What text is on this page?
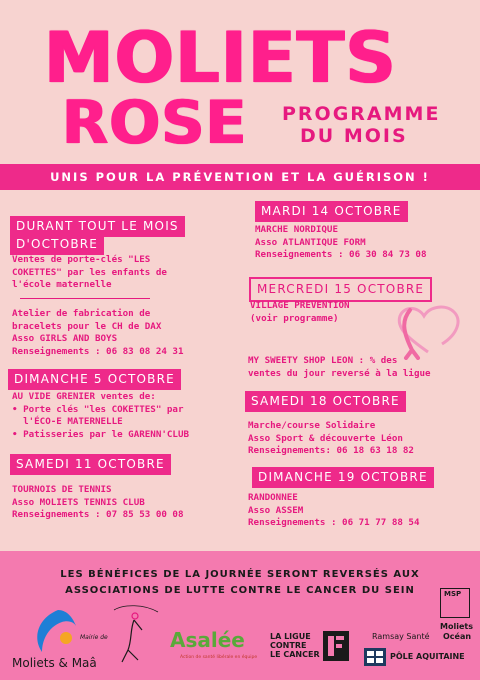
MOLIETS
ROSE PROGRAMME
DU MOIS
UNIS POUR LA PRÉVENTION ET LA GUÉRISON !
DURANT TOUT LE MOIS
D'OCTOBRE
Ventes de porte-clés "LES
COKETTES" par les enfants de
l'école maternelle
Atelier de fabrication de
bracelets pour le CH de DAX
Asso GIRLS AND BOYS
Renseignements : 06 83 08 24 31
DIMANCHE 5 OCTOBRE
AU VIDE GRENIER ventes de:
• Porte clés "les COKETTES" par
l'ÉCO-E MATERNELLE
• Patisseries par le GARENN'CLUB
SAMEDI 11 OCTOBRE
TOURNOIS DE TENNIS
Asso MOLIETS TENNIS CLUB
Renseignements : 07 85 53 00 08
MARDI 14 OCTOBRE
MARCHE NORDIQUE
Asso ATLANTIQUE FORM
Renseignements : 06 30 84 73 08
MERCREDI 15 OCTOBRE
VILLAGE PREVENTION
(voir programme)
MY SWEETY SHOP LEON : % des
ventes du jour reversé à la ligue
SAMEDI 18 OCTOBRE
Marche/course Solidaire
Asso Sport & découverte Léon
Renseignements: 06 18 63 18 82
DIMANCHE 19 OCTOBRE
RANDONNEE
Asso ASSEM
Renseignements : 06 71 77 88 54
LES BÉNÉFICES DE LA JOURNÉE SERONT REVERSÉS AUX
ASSOCIATIONS DE LUTTE CONTRE LE CANCER DU SEIN
Mairie de
Moliets & Maâ
Asalée
Action de santé libérale en équipe
LA LIGUE
CONTRE
LE CANCER
Ramsay Santé
PÔLE AQUITAINE
MSP
Moliets
Océan
